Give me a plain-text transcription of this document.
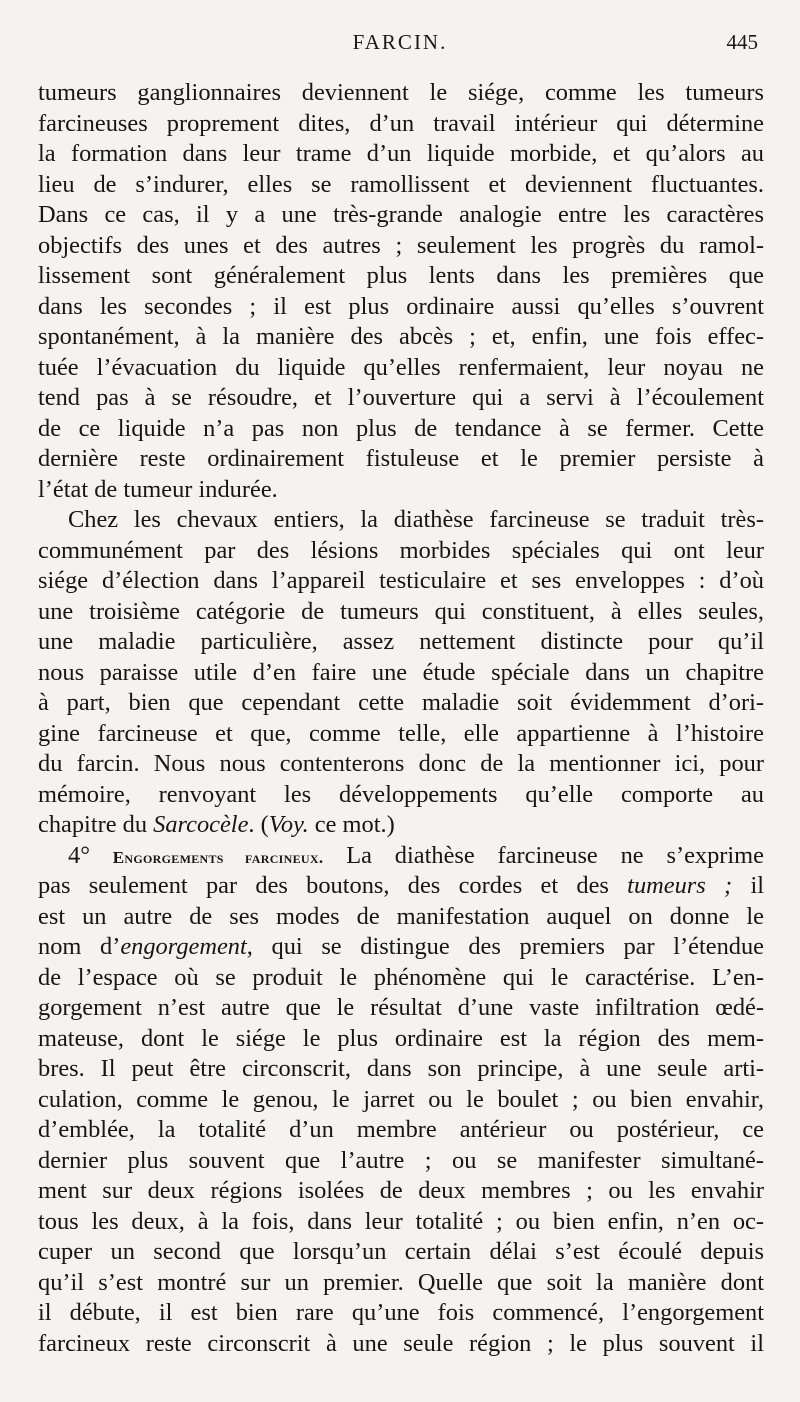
FARCIN.	445
tumeurs ganglionnaires deviennent le siége, comme les tumeurs
farcineuses proprement dites, d’un travail intérieur qui détermine
la formation dans leur trame d’un liquide morbide, et qu’alors au
lieu de s’indurer, elles se ramollissent et deviennent fluctuantes.
Dans ce cas, il y a une très-grande analogie entre les caractères
objectifs des unes et des autres ; seulement les progrès du ramol-
lissement sont généralement plus lents dans les premières que
dans les secondes ; il est plus ordinaire aussi qu’elles s’ouvrent
spontanément, à la manière des abcès ; et, enfin, une fois effec-
tuée l’évacuation du liquide qu’elles renfermaient, leur noyau ne
tend pas à se résoudre, et l’ouverture qui a servi à l’écoulement
de ce liquide n’a pas non plus de tendance à se fermer. Cette
dernière reste ordinairement fistuleuse et le premier persiste à
l’état de tumeur indurée.
Chez les chevaux entiers, la diathèse farcineuse se traduit très-
communément par des lésions morbides spéciales qui ont leur
siége d’élection dans l’appareil testiculaire et ses enveloppes : d’où
une troisième catégorie de tumeurs qui constituent, à elles seules,
une maladie particulière, assez nettement distincte pour qu’il
nous paraisse utile d’en faire une étude spéciale dans un chapitre
à part, bien que cependant cette maladie soit évidemment d’ori-
gine farcineuse et que, comme telle, elle appartienne à l’histoire
du farcin. Nous nous contenterons donc de la mentionner ici, pour
mémoire, renvoyant les développements qu’elle comporte au
chapitre du Sarcocèle. (Voy. ce mot.)
4° Engorgements farcineux. La diathèse farcineuse ne s’exprime
pas seulement par des boutons, des cordes et des tumeurs ; il
est un autre de ses modes de manifestation auquel on donne le
nom d’engorgement, qui se distingue des premiers par l’étendue
de l’espace où se produit le phénomène qui le caractérise. L’en-
gorgement n’est autre que le résultat d’une vaste infiltration œdé-
mateuse, dont le siége le plus ordinaire est la région des mem-
bres. Il peut être circonscrit, dans son principe, à une seule arti-
culation, comme le genou, le jarret ou le boulet ; ou bien envahir,
d’emblée, la totalité d’un membre antérieur ou postérieur, ce
dernier plus souvent que l’autre ; ou se manifester simultané-
ment sur deux régions isolées de deux membres ; ou les envahir
tous les deux, à la fois, dans leur totalité ; ou bien enfin, n’en oc-
cuper un second que lorsqu’un certain délai s’est écoulé depuis
qu’il s’est montré sur un premier. Quelle que soit la manière dont
il débute, il est bien rare qu’une fois commencé, l’engorgement
farcineux reste circonscrit à une seule région ; le plus souvent il
